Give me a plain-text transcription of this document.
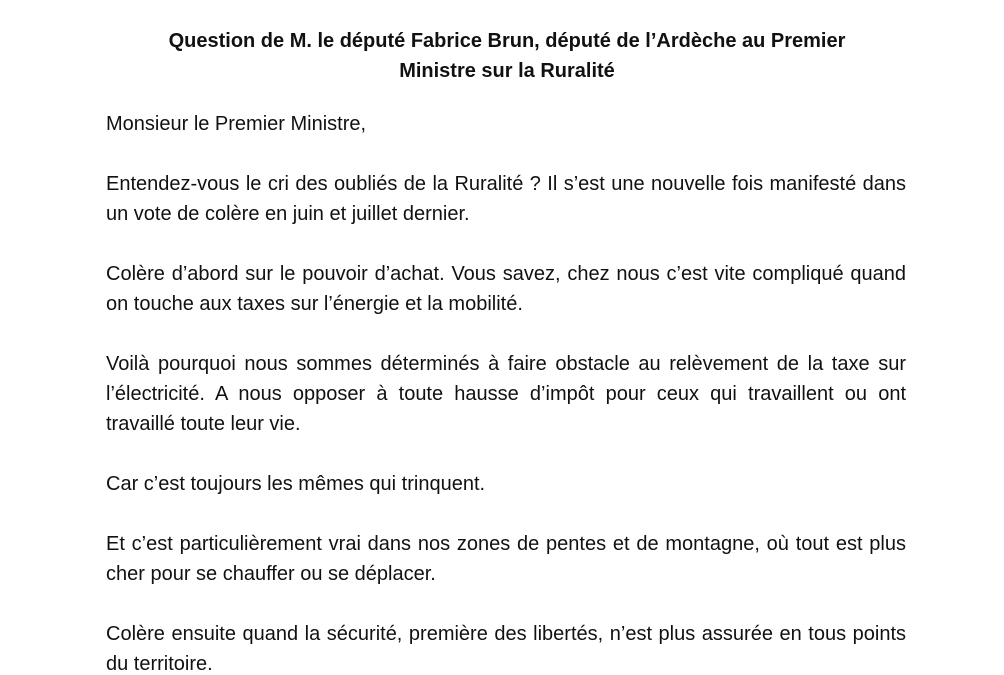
Question de M. le député Fabrice Brun, député de l’Ardèche au Premier
Ministre sur la Ruralité

Monsieur le Premier Ministre,

Entendez-vous le cri des oubliés de la Ruralité ? Il s’est une nouvelle fois manifesté dans un vote de colère en juin et juillet dernier.

Colère d’abord sur le pouvoir d’achat. Vous savez, chez nous c’est vite compliqué quand on touche aux taxes sur l’énergie et la mobilité.

Voilà pourquoi nous sommes déterminés à faire obstacle au relèvement de la taxe sur l’électricité. A nous opposer à toute hausse d’impôt pour ceux qui travaillent ou ont travaillé toute leur vie.

Car c’est toujours les mêmes qui trinquent.

Et c’est particulièrement vrai dans nos zones de pentes et de montagne, où tout est plus cher pour se chauffer ou se déplacer.

Colère ensuite quand la sécurité, première des libertés, n’est plus assurée en tous points du territoire.
